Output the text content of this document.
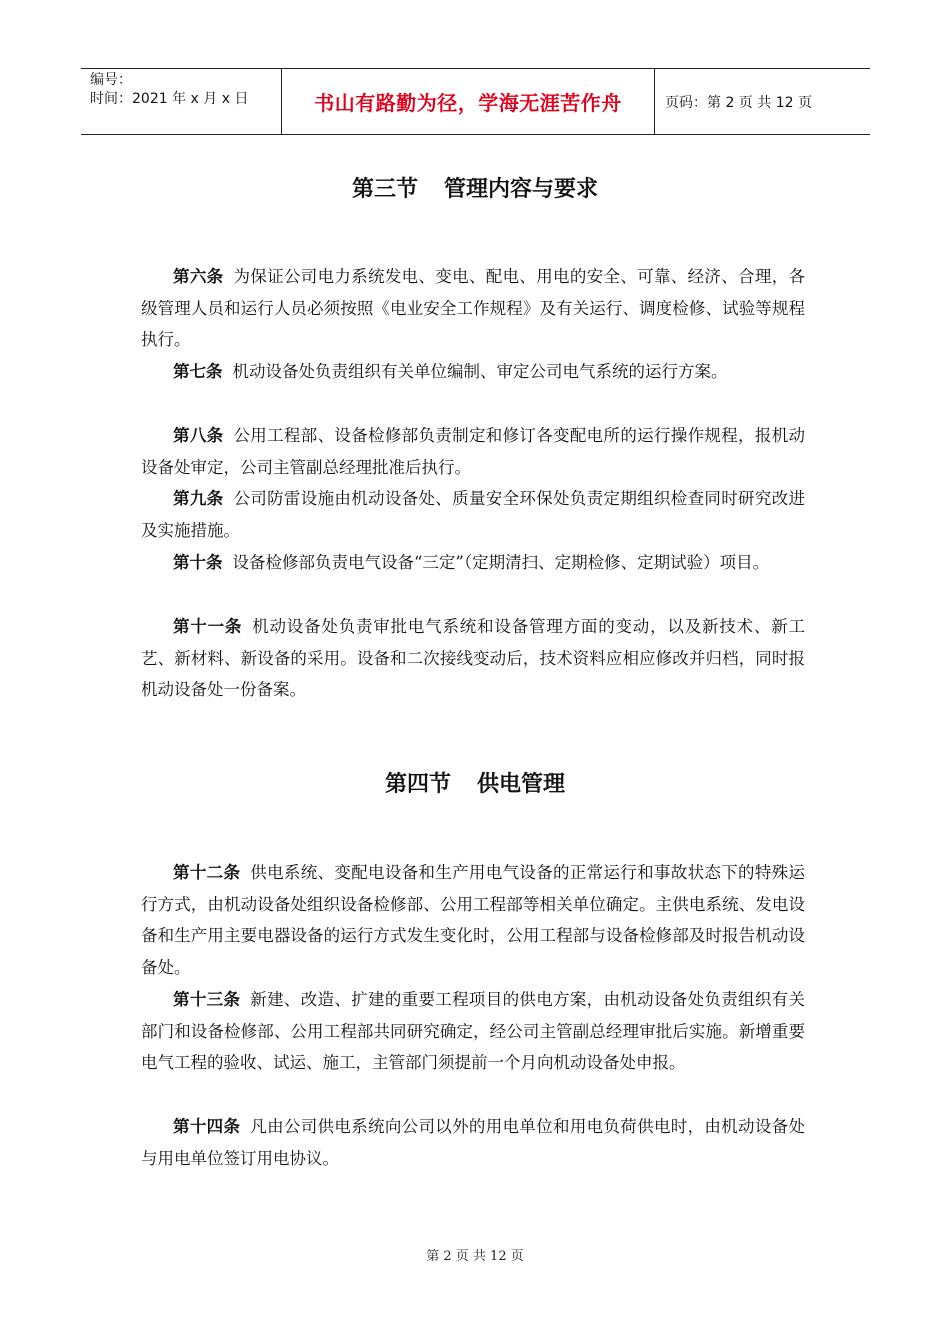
编号：
时间：2021 年 x 月 x 日	书山有路勤为径，学海无涯苦作舟	页码：第 2 页 共 12 页
第三节 管理内容与要求
第六条 为保证公司电力系统发电、变电、配电、用电的安全、可靠、经济、合理，各级管理人员和运行人员必须按照《电业安全工作规程》及有关运行、调度检修、试验等规程执行。
第七条 机动设备处负责组织有关单位编制、审定公司电气系统的运行方案。
第八条 公用工程部、设备检修部负责制定和修订各变配电所的运行操作规程，报机动设备处审定，公司主管副总经理批准后执行。
第九条 公司防雷设施由机动设备处、质量安全环保处负责定期组织检查同时研究改进及实施措施。
第十条 设备检修部负责电气设备“三定”（定期清扫、定期检修、定期试验）项目。
第十一条 机动设备处负责审批电气系统和设备管理方面的变动，以及新技术、新工艺、新材料、新设备的采用。设备和二次接线变动后，技术资料应相应修改并归档，同时报机动设备处一份备案。
第四节 供电管理
第十二条 供电系统、变配电设备和生产用电气设备的正常运行和事故状态下的特殊运行方式，由机动设备处组织设备检修部、公用工程部等相关单位确定。主供电系统、发电设备和生产用主要电器设备的运行方式发生变化时，公用工程部与设备检修部及时报告机动设备处。
第十三条 新建、改造、扩建的重要工程项目的供电方案，由机动设备处负责组织有关部门和设备检修部、公用工程部共同研究确定，经公司主管副总经理审批后实施。新增重要电气工程的验收、试运、施工，主管部门须提前一个月向机动设备处申报。
第十四条 凡由公司供电系统向公司以外的用电单位和用电负荷供电时，由机动设备处与用电单位签订用电协议。
第 2 页 共 12 页
